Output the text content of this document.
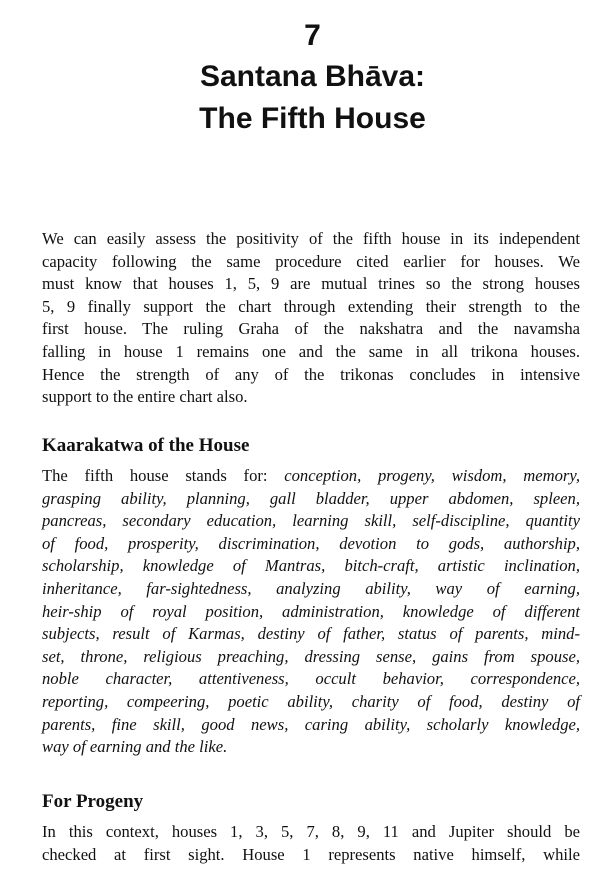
7
Santana Bhāva:
The Fifth House
We can easily assess the positivity of the fifth house in its independent
capacity following the same procedure cited earlier for houses. We
must know that houses 1, 5, 9 are mutual trines so the strong houses
5, 9 finally support the chart through extending their strength to the
first house. The ruling Graha of the nakshatra and the navamsha
falling in house 1 remains one and the same in all trikona houses.
Hence the strength of any of the trikonas concludes in intensive
support to the entire chart also.
Kaarakatwa of the House
The fifth house stands for: conception, progeny, wisdom, memory,
grasping ability, planning, gall bladder, upper abdomen, spleen,
pancreas, secondary education, learning skill, self-discipline, quantity
of food, prosperity, discrimination, devotion to gods, authorship,
scholarship, knowledge of Mantras, bitch-craft, artistic inclination,
inheritance, far-sightedness, analyzing ability, way of earning,
heir-ship of royal position, administration, knowledge of different
subjects, result of Karmas, destiny of father, status of parents, mind-
set, throne, religious preaching, dressing sense, gains from spouse,
noble character, attentiveness, occult behavior, correspondence,
reporting, compeering, poetic ability, charity of food, destiny of
parents, fine skill, good news, caring ability, scholarly knowledge,
way of earning and the like.
For Progeny
In this context, houses 1, 3, 5, 7, 8, 9, 11 and Jupiter should be
checked at first sight. House 1 represents native himself, while
